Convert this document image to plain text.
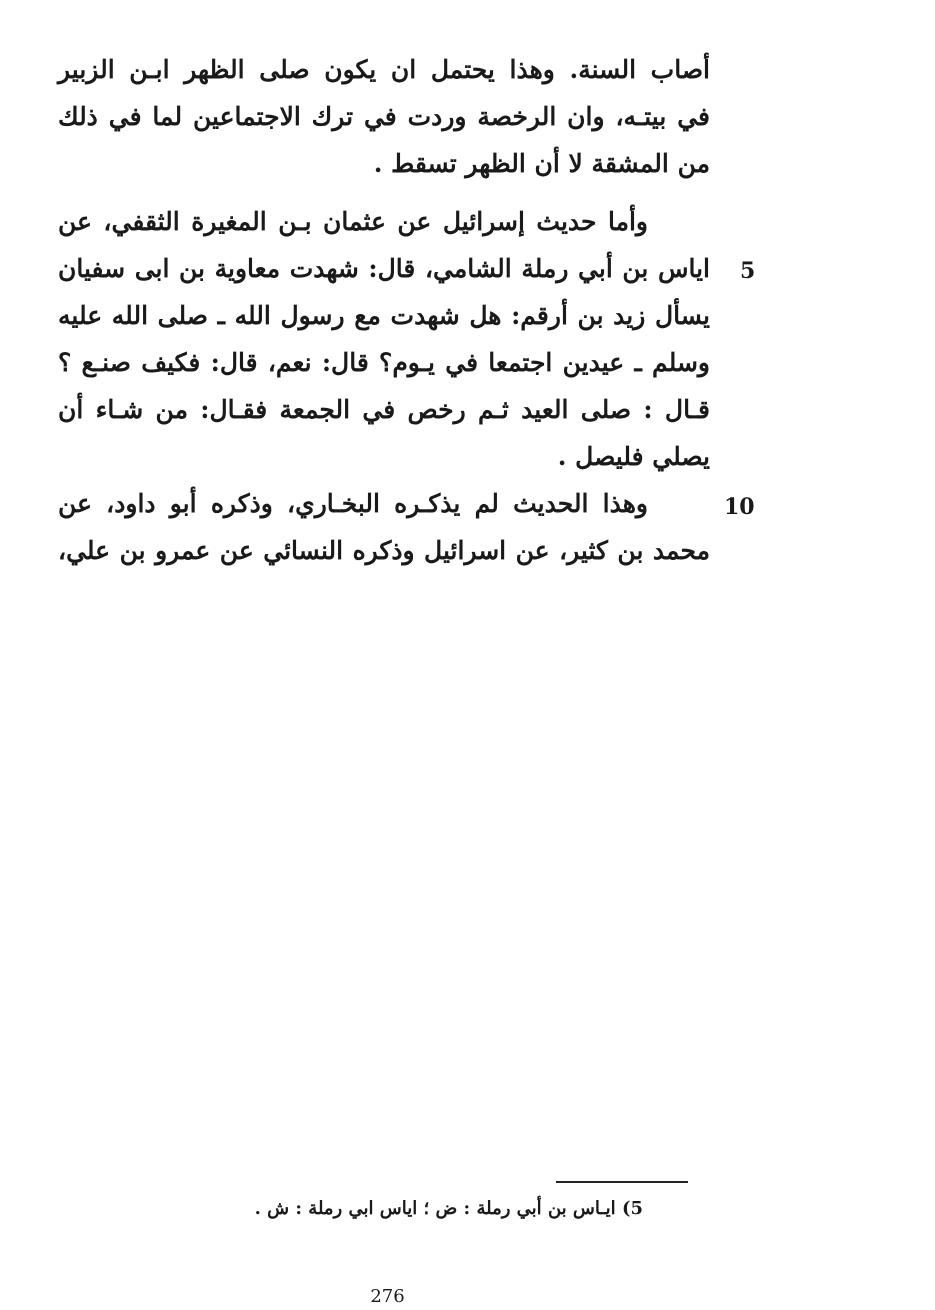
أصاب السنة. وهذا يحتمل ان يكون صلى الظهر ابـن الزبير
في بيتـه، وان الرخصة وردت في ترك الاجتماعين لما في ذلك
من المشقة لا أن الظهر تسقط .
وأما حديث إسرائيل عن عثمان بـن المغيرة الثقفي، عن
اياس بن أبي رملة الشامي، قال: شهدت معاوية بن ابى سفيان
يسأل زيد بن أرقم: هل شهدت مع رسول الله ـ صلى الله عليه
وسلم ـ عيدين اجتمعا في يـوم؟ قال: نعم، قال: فكيف صنـع ؟
قـال : صلى العيد ثـم رخص في الجمعة فقـال: من شـاء أن
يصلي فليصل .
وهذا الحديث لم يذكـره البخـاري، وذكره أبو داود، عن
محمد بن كثير، عن اسرائيل وذكره النسائي عن عمرو بن علي،
5
10
5) ايـاس بن أبي رملة : ض ؛ اياس ابي رملة : ش .
276
